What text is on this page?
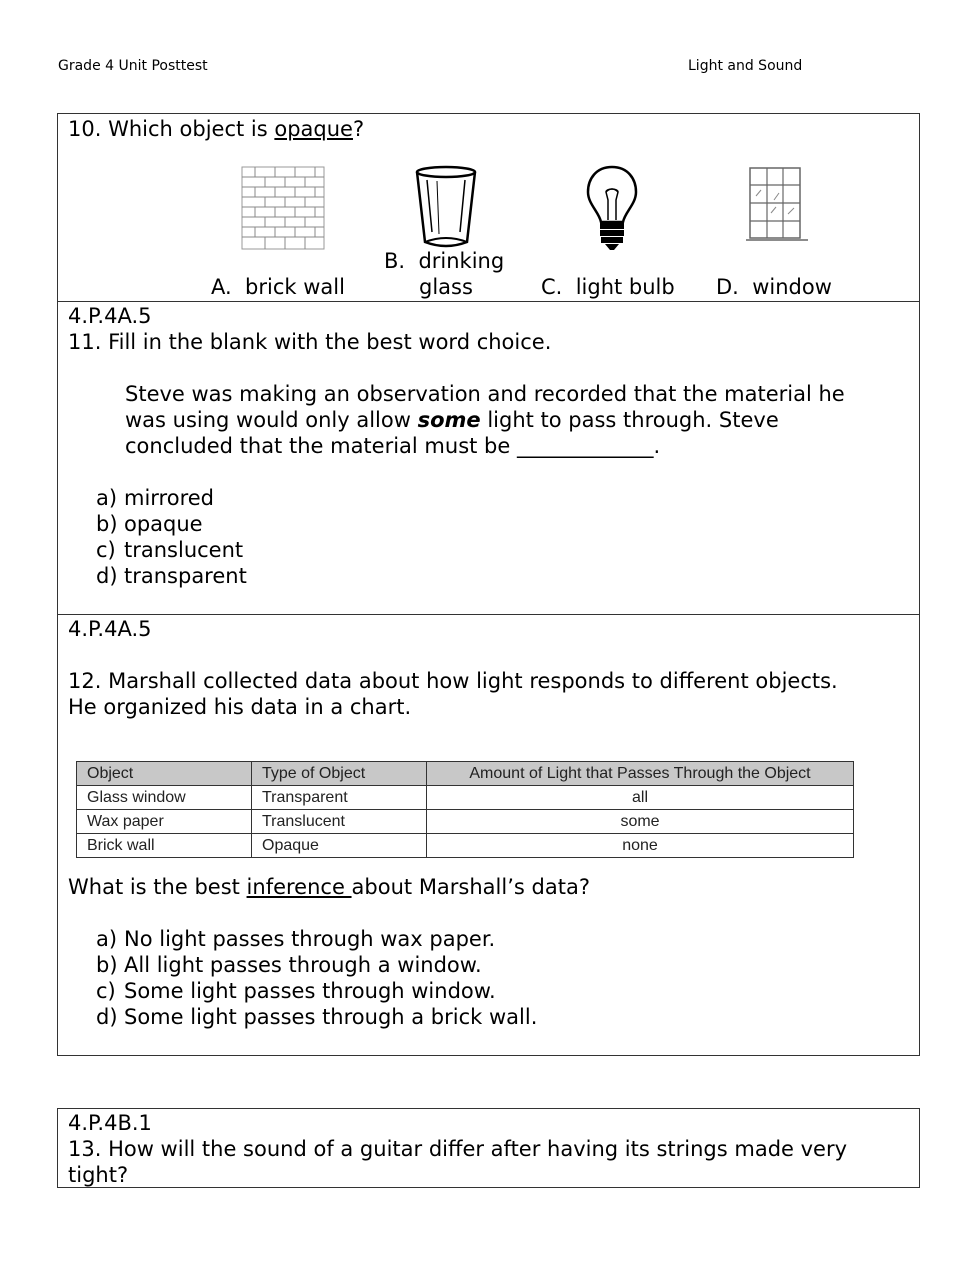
Grade 4 Unit Posttest	Light and Sound
10. Which object is opaque?
A. brick wall
B. drinking
glass	C. light bulb D. window
4.P.4A.5
11. Fill in the blank with the best word choice.
Steve was making an observation and recorded that the material he
was using would only allow some light to pass through. Steve
concluded that the material must be _____________.
a) mirrored
b) opaque
c) translucent
d) transparent
4.P.4A.5
12. Marshall collected data about how light responds to different objects.
He organized his data in a chart.
Object	Type of Object	Amount of Light that Passes Through the Object
Glass window	Transparent	all
Wax paper	Translucent	some
Brick wall	Opaque	none
What is the best inference about Marshall’s data?
a) No light passes through wax paper.
b) All light passes through a window.
c) Some light passes through window.
d) Some light passes through a brick wall.
4.P.4B.1
13. How will the sound of a guitar differ after having its strings made very
tight?
